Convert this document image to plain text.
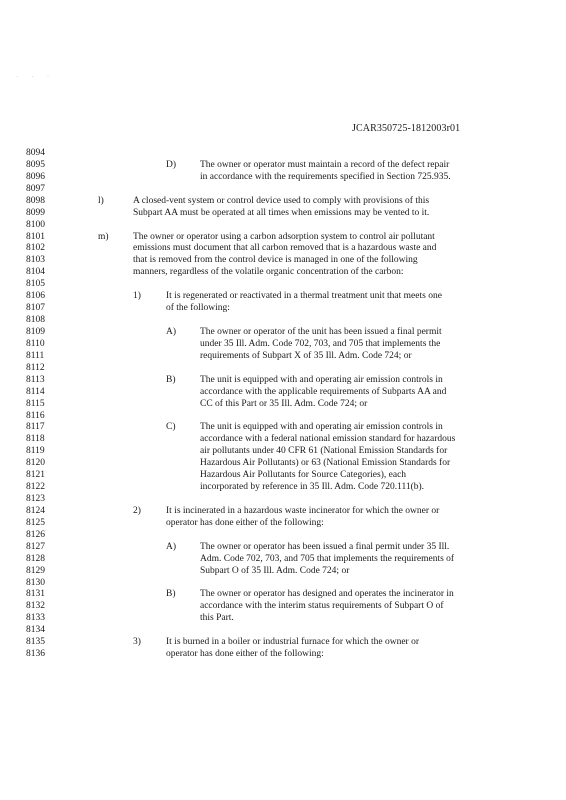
˙ ˙ ˙
JCAR350725-1812003r01
8094
8095	D)	The owner or operator must maintain a record of the defect repair
8096	in accordance with the requirements specified in Section 725.935.
8097
8098	l)	A closed-vent system or control device used to comply with provisions of this
8099	Subpart AA must be operated at all times when emissions may be vented to it.
8100
8101	m)	The owner or operator using a carbon adsorption system to control air pollutant
8102	emissions must document that all carbon removed that is a hazardous waste and
8103	that is removed from the control device is managed in one of the following
8104	manners, regardless of the volatile organic concentration of the carbon:
8105
8106	1)	It is regenerated or reactivated in a thermal treatment unit that meets one
8107	of the following:
8108
8109	A)	The owner or operator of the unit has been issued a final permit
8110	under 35 Ill. Adm. Code 702, 703, and 705 that implements the
8111	requirements of Subpart X of 35 Ill. Adm. Code 724; or
8112
8113	B)	The unit is equipped with and operating air emission controls in
8114	accordance with the applicable requirements of Subparts AA and
8115	CC of this Part or 35 Ill. Adm. Code 724; or
8116
8117	C)	The unit is equipped with and operating air emission controls in
8118	accordance with a federal national emission standard for hazardous
8119	air pollutants under 40 CFR 61 (National Emission Standards for
8120	Hazardous Air Pollutants) or 63 (National Emission Standards for
8121	Hazardous Air Pollutants for Source Categories), each
8122	incorporated by reference in 35 Ill. Adm. Code 720.111(b).
8123
8124	2)	It is incinerated in a hazardous waste incinerator for which the owner or
8125	operator has done either of the following:
8126
8127	A)	The owner or operator has been issued a final permit under 35 Ill.
8128	Adm. Code 702, 703, and 705 that implements the requirements of
8129	Subpart O of 35 Ill. Adm. Code 724; or
8130
8131	B)	The owner or operator has designed and operates the incinerator in
8132	accordance with the interim status requirements of Subpart O of
8133	this Part.
8134
8135	3)	It is burned in a boiler or industrial furnace for which the owner or
8136	operator has done either of the following:
